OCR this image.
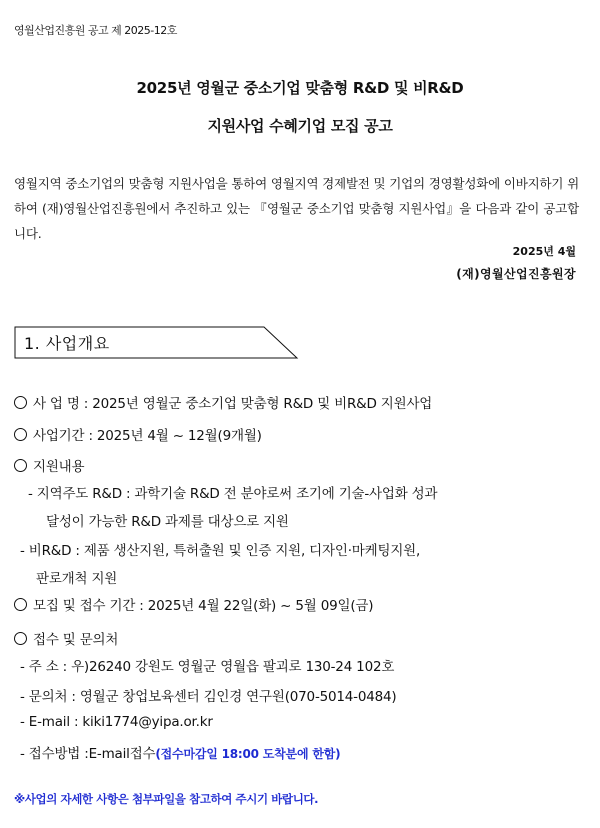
영월산업진흥원 공고 제 2025-12호
2025년 영월군 중소기업 맞춤형 R&D 및 비R&D
지원사업 수혜기업 모집 공고

영월지역 중소기업의 맞춤형 지원사업을 통하여 영월지역 경제발전 및 기업의 경영활성화에 이바지하기 위하여 (재)영월산업진흥원에서 추진하고 있는 『영월군 중소기업 맞춤형 지원사업』을 다음과 같이 공고합니다.

2025년 4월
(재)영월산업진흥원장
1. 사업개요
사 업 명 : 2025년 영월군 중소기업 맞춤형 R&D 및 비R&D 지원사업
사업기간 : 2025년 4월 ~ 12월(9개월)
지원내용
- 지역주도 R&D : 과학기술 R&D 전 분야로써 조기에 기술-사업화 성과
달성이 가능한 R&D 과제를 대상으로 지원
- 비R&D : 제품 생산지원, 특허출원 및 인증 지원, 디자인·마케팅지원,
판로개척 지원
모집 및 접수 기간 : 2025년 4월 22일(화) ~ 5월 09일(금)
접수 및 문의처
- 주 소 : 우)26240 강원도 영월군 영월읍 팔괴로 130-24 102호
- 문의처 : 영월군 창업보육센터 김인경 연구원(070-5014-0484)
- E-mail : kiki1774@yipa.or.kr
- 접수방법 :E-mail접수(접수마감일 18:00 도착분에 한함)
※사업의 자세한 사항은 첨부파일을 참고하여 주시기 바랍니다.
